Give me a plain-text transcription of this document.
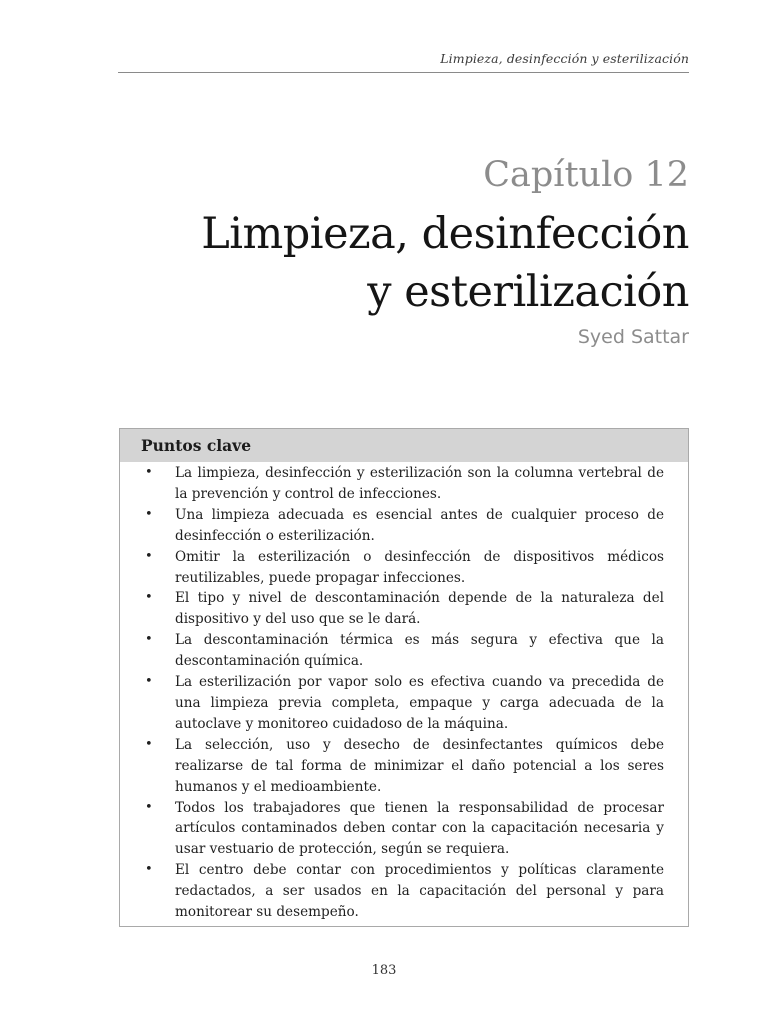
Limpieza, desinfección y esterilización
Capítulo 12
Limpieza, desinfección
y esterilización
Syed Sattar
Puntos clave
• La limpieza, desinfección y esterilización son la columna vertebral de la prevención y control de infecciones.
• Una limpieza adecuada es esencial antes de cualquier proceso de desinfección o esterilización.
• Omitir la esterilización o desinfección de dispositivos médicos reutilizables, puede propagar infecciones.
• El tipo y nivel de descontaminación depende de la naturaleza del dispositivo y del uso que se le dará.
• La descontaminación térmica es más segura y efectiva que la descontaminación química.
• La esterilización por vapor solo es efectiva cuando va precedida de una limpieza previa completa, empaque y carga adecuada de la autoclave y monitoreo cuidadoso de la máquina.
• La selección, uso y desecho de desinfectantes químicos debe realizarse de tal forma de minimizar el daño potencial a los seres humanos y el medioambiente.
• Todos los trabajadores que tienen la responsabilidad de procesar artículos contaminados deben contar con la capacitación necesaria y usar vestuario de protección, según se requiera.
• El centro debe contar con procedimientos y políticas claramente redactados, a ser usados en la capacitación del personal y para monitorear su desempeño.
183
